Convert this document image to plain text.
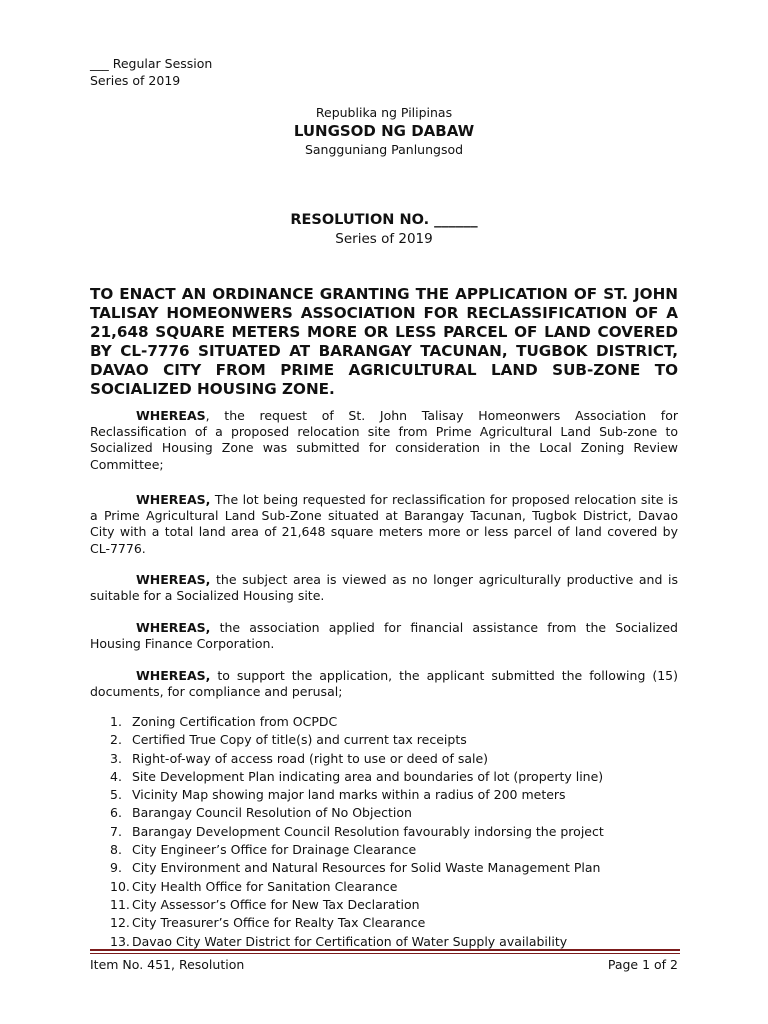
___ Regular Session
Series of 2019
Republika ng Pilipinas
LUNGSOD NG DABAW
Sangguniang Panlungsod
RESOLUTION NO. ______
Series of 2019
TO ENACT AN ORDINANCE GRANTING THE APPLICATION OF ST. JOHN TALISAY HOMEONWERS ASSOCIATION FOR RECLASSIFICATION OF A 21,648 SQUARE METERS MORE OR LESS PARCEL OF LAND COVERED BY CL-7776 SITUATED AT BARANGAY TACUNAN, TUGBOK DISTRICT, DAVAO CITY FROM PRIME AGRICULTURAL LAND SUB-ZONE TO SOCIALIZED HOUSING ZONE.
WHEREAS, the request of St. John Talisay Homeonwers Association for Reclassification of a proposed relocation site from Prime Agricultural Land Sub-zone to Socialized Housing Zone was submitted for consideration in the Local Zoning Review Committee;
WHEREAS, The lot being requested for reclassification for proposed relocation site is a Prime Agricultural Land Sub-Zone situated at Barangay Tacunan, Tugbok District, Davao City with a total land area of 21,648 square meters more or less parcel of land covered by CL-7776.
WHEREAS, the subject area is viewed as no longer agriculturally productive and is suitable for a Socialized Housing site.
WHEREAS, the association applied for financial assistance from the Socialized Housing Finance Corporation.
WHEREAS, to support the application, the applicant submitted the following (15) documents, for compliance and perusal;
1. Zoning Certification from OCPDC
2. Certified True Copy of title(s) and current tax receipts
3. Right-of-way of access road (right to use or deed of sale)
4. Site Development Plan indicating area and boundaries of lot (property line)
5. Vicinity Map showing major land marks within a radius of 200 meters
6. Barangay Council Resolution of No Objection
7. Barangay Development Council Resolution favourably indorsing the project
8. City Engineer’s Office for Drainage Clearance
9. City Environment and Natural Resources for Solid Waste Management Plan
10. City Health Office for Sanitation Clearance
11. City Assessor’s Office for New Tax Declaration
12. City Treasurer’s Office for Realty Tax Clearance
13. Davao City Water District for Certification of Water Supply availability
Item No. 451, Resolution	Page 1 of 2
